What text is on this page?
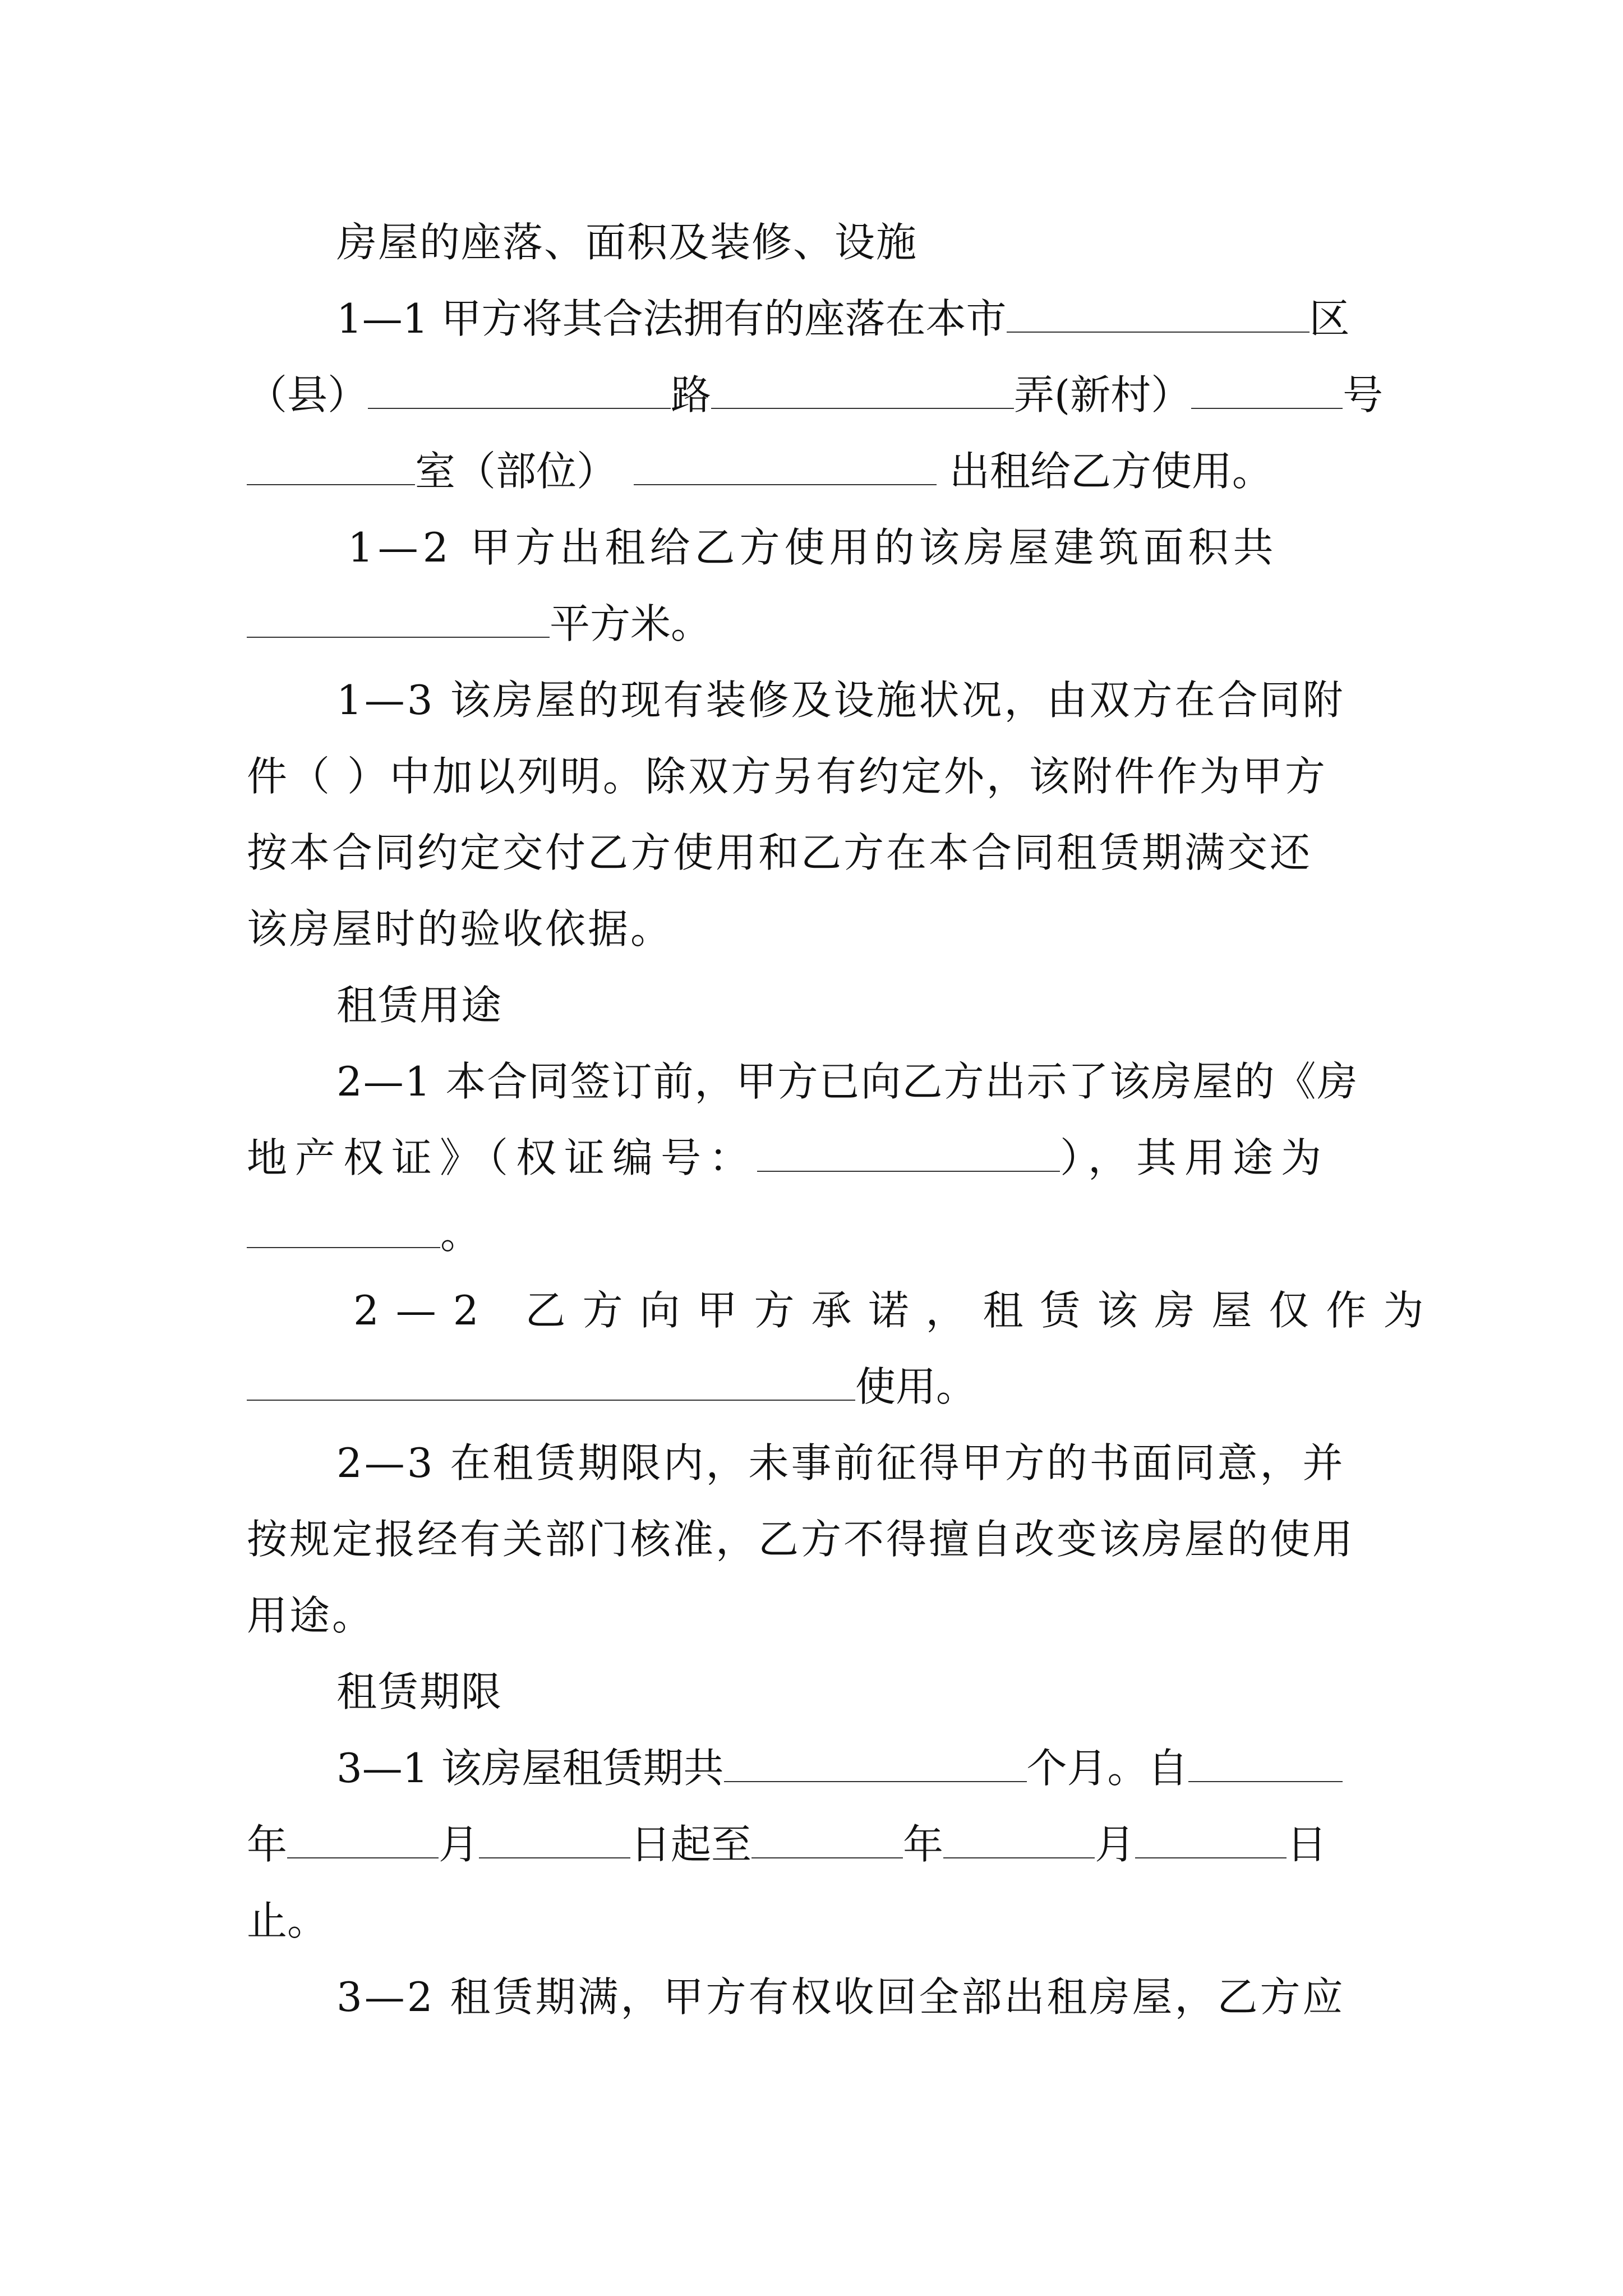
房屋的座落、面积及装修、设施
1—1 甲方将其合法拥有的座落在本市	区
（县）	路	弄(新村）	号
室（部位）	出租给乙方使用。
1—2 甲方出租给乙方使用的该房屋建筑面积共
平方米。
1—3 该房屋的现有装修及设施状况，由双方在合同附
件（ ）中加以列明。除双方另有约定外，该附件作为甲方
按本合同约定交付乙方使用和乙方在本合同租赁期满交还
该房屋时的验收依据。
租赁用途
2—1 本合同签订前，甲方已向乙方出示了该房屋的《房
地产权证》（权证编号：	），其用途为
。
2—2 乙方向甲方承诺，租赁该房屋仅作为
使用。
2—3 在租赁期限内，未事前征得甲方的书面同意，并
按规定报经有关部门核准，乙方不得擅自改变该房屋的使用
用途。
租赁期限
3—1 该房屋租赁期共	个月。自
年	月	日起至	年	月	日
止。
3—2 租赁期满，甲方有权收回全部出租房屋，乙方应
